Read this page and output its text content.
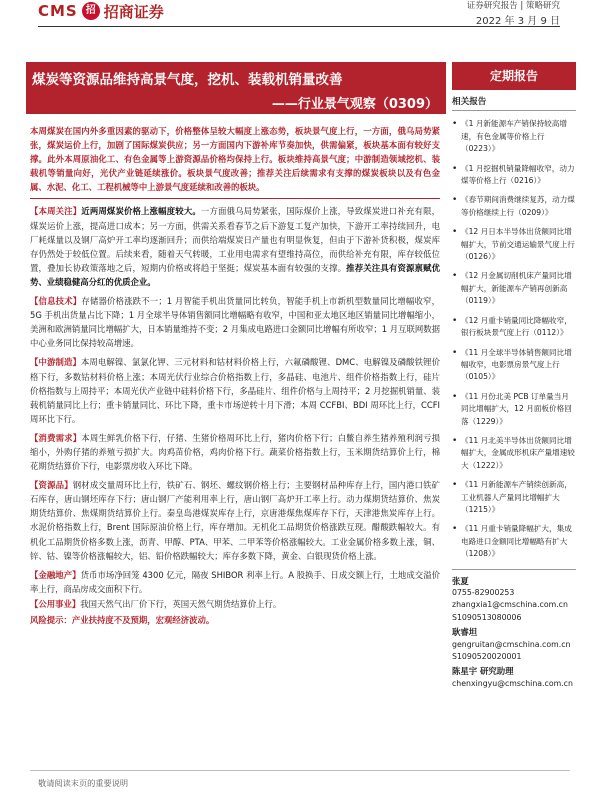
CMS 招 招商证券	证券研究报告 | 策略研究
2022 年 3 月 9 日
煤炭等资源品维持高景气度，挖机、装载机销量改善
——行业景气观察（0309）
定期报告
本周煤炭在国内外多重因素的驱动下，价格整体呈较大幅度上涨态势，板块景气度上行，一方面，俄乌局势紧张，煤炭运价上行，加剧了国际煤炭供应；另一方面国内下游补库节奏加快，供需偏紧，板块基本面有较好支撑。此外本周原油化工、有色金属等上游资源品价格均保持上行。板块维持高景气度；中游制造领域挖机、装载机等销量向好，光伏产业链延续涨价。板块景气度改善；推荐关注后续需求有支撑的煤炭板块以及有色金属、水泥、化工、工程机械等中上游景气度延续和改善的板块。
【本周关注】近两周煤炭价格上涨幅度较大。一方面俄乌局势紧张，国际煤价上涨，导致煤炭进口补充有限，煤炭运价上涨，提高进口成本；另一方面，供需关系看春节之后下游复工复产加快，下游开工率持续回升，电厂耗煤量以及钢厂高炉开工率均逐渐回升；而供给端煤炭日产量也有明显恢复，但由于下游补货积极，煤炭库存仍然处于较低位置。后续来看，随着天气转暖，工业用电需求有望维持高位，而供给补充有限，库存较低位置，叠加长协政策落地之后，短期内价格或将趋于坚挺；煤炭基本面有较强的支撑。推荐关注具有资源禀赋优势、业绩稳健高分红的优质企业。
【信息技术】存储器价格涨跌不一；1 月智能手机出货量同比转负，智能手机上市新机型数量同比增幅收窄，5G 手机出货量占比下降；1 月全球半导体销售额同比增幅略有收窄，中国和亚太地区地区销量同比增幅缩小，美洲和欧洲销量同比增幅扩大，日本销量维持不变；2 月集成电路进口金额同比增幅有所收窄；1 月互联网数据中心业务同比保持较高增速。
【中游制造】本周电解镍、氯氯化钾、三元材料和钴材料价格上行，六氟磷酸锂、DMC、电解镍及磷酸铁锂价格下行，多数钴材料价格上涨；本周光伏行业综合价格指数上行，多晶硅、电池片、组件价格指数上行，硅片价格指数与上周持平；本周光伏产业链中硅料价格下行，多晶硅片、组件价格与上周持平；2 月挖掘机销量、装载机销量同比上行；重卡销量同比、环比下降，重卡市场逆转十月下滑；本周 CCFBI、BDI 周环比上行，CCFI 周环比下行。
【消费需求】本周生鲜乳价格下行，仔猪、生猪价格周环比上行，猪肉价格下行；白鳖自养生猪养殖利润亏损缩小，外购仔猪的养殖亏损扩大。肉鸡苗价格，鸡肉价格下行。蔬菜价格指数上行，玉米期货结算价上行，棉花期货结算价下行，电影票房收入环比下降。
【资源品】钢材成交量周环比上行，铁矿石、钢坯、螺纹钢价格上行；主要钢材品种库存上行，国内港口铁矿石库存，唐山钢坯库存下行；唐山钢厂产能利用率上行，唐山钢厂高炉开工率上行。动力煤期货结算价、焦炭期货结算价、焦煤期货结算价上行。秦皇岛港煤炭库存上行，京唐港煤焦煤库存下行，天津港焦炭库存上行。水泥价格指数上行，Brent 国际原油价格上行，库存增加。无机化工品期货价格涨跌互现。醋酸跌幅较大。有机化工品期货价格多数上涨，沥青、甲醇、PTA、甲苯、二甲苯等价格涨幅较大。工业金属价格多数上涨，铜、锌、钴、镍等价格涨幅较大，铝、铅价格跌幅较大；库存多数下降，黄金、白银现货价格上涨。
【金融地产】货币市场净回笼 4300 亿元，隔夜 SHIBOR 利率上行。A 股换手、日成交额上行，土地成交溢价率上行，商品房成交面积下行。
【公用事业】我国天然气出厂价下行，英国天然气期货结算价上行。
风险提示：产业扶持度不及预期，宏观经济波动。
相关报告
• 《1 月新能源车产销保持较高增速，有色金属等价格上行（0223）》
• 《1 月挖掘机销量降幅收窄，动力煤等价格上行（0216）》
• 《春节期间消费继续复苏，动力煤等价格继续上行（0209）》
• 《12 月日本半导体出货额同比增幅扩大，节前交通运输景气度上行（0126）》
• 《12 月金属切削机床产量同比增幅扩大，新能源车产销再创新高（0119）》
• 《12 月重卡销量同比降幅收窄，银行板块景气度上行（0112）》
• 《11 月全球半导体销售额同比增幅收窄，电影票房景气度上行（0105）》
• 《11 月份北美 PCB 订单量当月同比增幅扩大，12 月面板价格回落（1229）》
• 《11 月北美半导体出货额同比增幅扩大，金属成形机床产量增速较大（1222）》
• 《11 月新能源车产销续创新高，工业机器人产量同比增幅扩大（1215）》
• 《11 月重卡销量降幅扩大，集成电路进口金额同比增幅略有扩大（1208）》
张夏
0755-82900253
zhangxia1@cmschina.com.cn
S1090513080006
耿睿坦
gengruitan@cmschina.com.cn
S1090520020001
陈星宇 研究助理
chenxingyu@cmschina.com.cn
敬请阅读末页的重要说明
